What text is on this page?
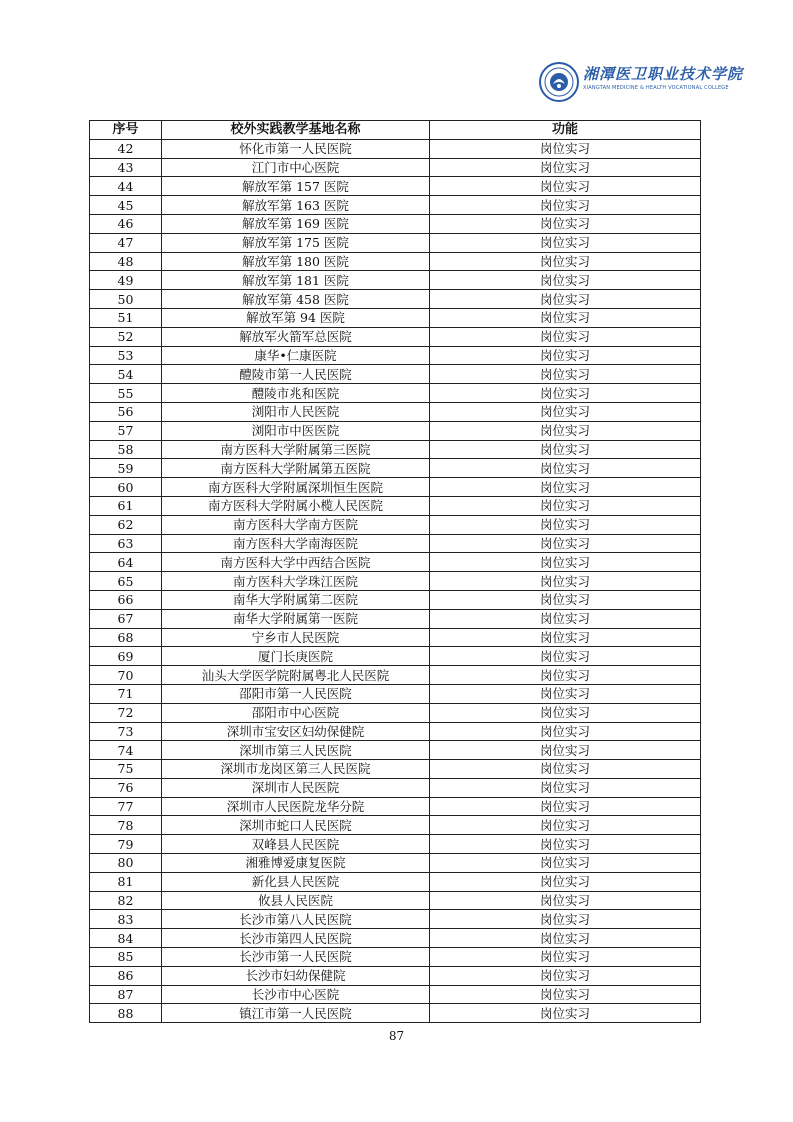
湘潭医卫职业技术学院
XIANGTAN MEDICINE & HEALTH VOCATIONAL COLLEGE
序号	校外实践教学基地名称	功能
42	怀化市第一人民医院	岗位实习
43	江门市中心医院	岗位实习
44	解放军第 157 医院	岗位实习
45	解放军第 163 医院	岗位实习
46	解放军第 169 医院	岗位实习
47	解放军第 175 医院	岗位实习
48	解放军第 180 医院	岗位实习
49	解放军第 181 医院	岗位实习
50	解放军第 458 医院	岗位实习
51	解放军第 94 医院	岗位实习
52	解放军火箭军总医院	岗位实习
53	康华•仁康医院	岗位实习
54	醴陵市第一人民医院	岗位实习
55	醴陵市兆和医院	岗位实习
56	浏阳市人民医院	岗位实习
57	浏阳市中医医院	岗位实习
58	南方医科大学附属第三医院	岗位实习
59	南方医科大学附属第五医院	岗位实习
60	南方医科大学附属深圳恒生医院	岗位实习
61	南方医科大学附属小榄人民医院	岗位实习
62	南方医科大学南方医院	岗位实习
63	南方医科大学南海医院	岗位实习
64	南方医科大学中西结合医院	岗位实习
65	南方医科大学珠江医院	岗位实习
66	南华大学附属第二医院	岗位实习
67	南华大学附属第一医院	岗位实习
68	宁乡市人民医院	岗位实习
69	厦门长庚医院	岗位实习
70	汕头大学医学院附属粤北人民医院	岗位实习
71	邵阳市第一人民医院	岗位实习
72	邵阳市中心医院	岗位实习
73	深圳市宝安区妇幼保健院	岗位实习
74	深圳市第三人民医院	岗位实习
75	深圳市龙岗区第三人民医院	岗位实习
76	深圳市人民医院	岗位实习
77	深圳市人民医院龙华分院	岗位实习
78	深圳市蛇口人民医院	岗位实习
79	双峰县人民医院	岗位实习
80	湘雅博爱康复医院	岗位实习
81	新化县人民医院	岗位实习
82	攸县人民医院	岗位实习
83	长沙市第八人民医院	岗位实习
84	长沙市第四人民医院	岗位实习
85	长沙市第一人民医院	岗位实习
86	长沙市妇幼保健院	岗位实习
87	长沙市中心医院	岗位实习
88	镇江市第一人民医院	岗位实习
87
